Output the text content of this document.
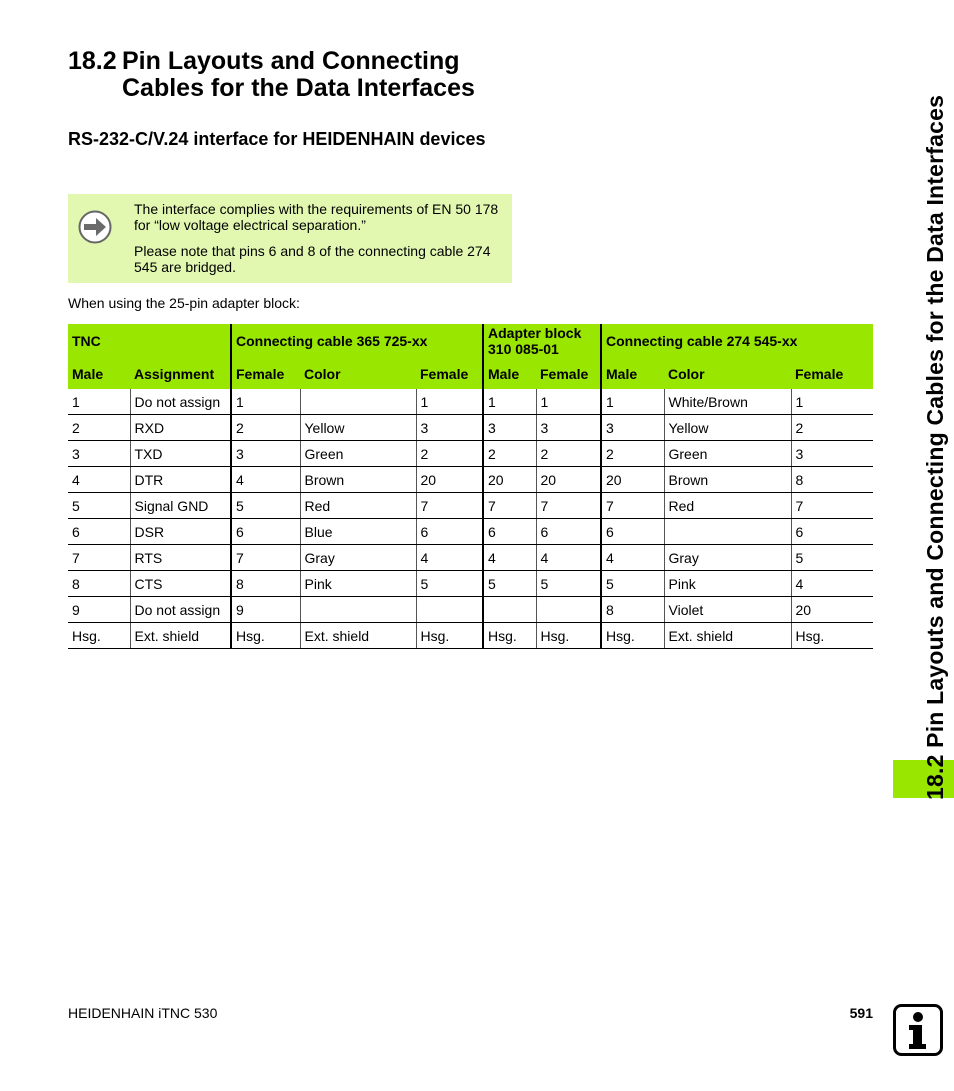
18.2 Pin Layouts and Connecting
Cables for the Data Interfaces
RS-232-C/V.24 interface for HEIDENHAIN devices
The interface complies with the requirements of EN 50 178 for “low voltage electrical separation.”
Please note that pins 6 and 8 of the connecting cable 274 545 are bridged.
When using the 25-pin adapter block:
TNC		Connecting cable 365 725-xx			Adapter block 310 085-01		Connecting cable 274 545-xx		
Male	Assignment	Female	Color	Female	Male	Female	Male	Color	Female
1	Do not assign	1		1	1	1	1	White/Brown	1
2	RXD	2	Yellow	3	3	3	3	Yellow	2
3	TXD	3	Green	2	2	2	2	Green	3
4	DTR	4	Brown	20	20	20	20	Brown	8
5	Signal GND	5	Red	7	7	7	7	Red	7
6	DSR	6	Blue	6	6	6	6		6
7	RTS	7	Gray	4	4	4	4	Gray	5
8	CTS	8	Pink	5	5	5	5	Pink	4
9	Do not assign	9					8	Violet	20
Hsg.	Ext. shield	Hsg.	Ext. shield	Hsg.	Hsg.	Hsg.	Hsg.	Ext. shield	Hsg.	18.2 Pin Layouts and Connecting Cables for the Data Interfaces
HEIDENHAIN iTNC 530	591
